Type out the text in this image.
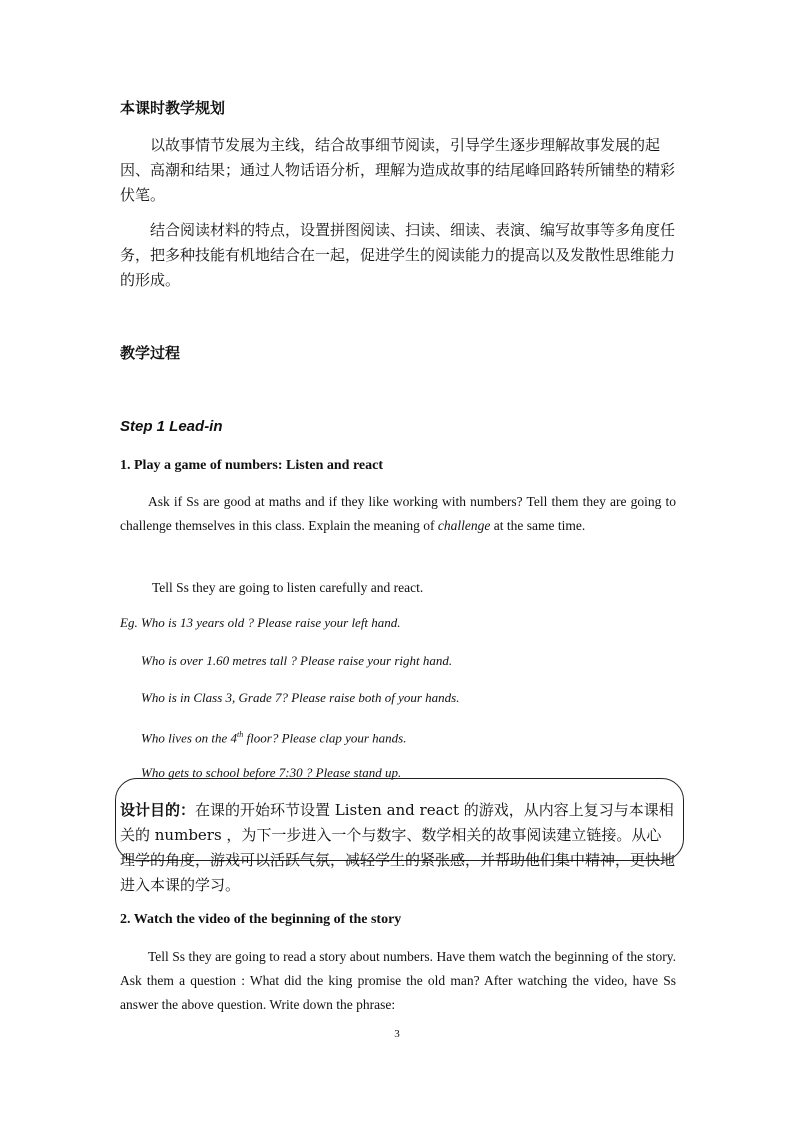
本课时教学规划

以故事情节发展为主线，结合故事细节阅读，引导学生逐步理解故事发展的起因、高潮和结果；通过人物话语分析，理解为造成故事的结尾峰回路转所铺垫的精彩伏笔。

结合阅读材料的特点，设置拼图阅读、扫读、细读、表演、编写故事等多角度任务，把多种技能有机地结合在一起，促进学生的阅读能力的提高以及发散性思维能力的形成。

教学过程

Step 1 Lead-in

1. Play a game of numbers: Listen and react

Ask if Ss are good at maths and if they like working with numbers? Tell them they are going to challenge themselves in this class. Explain the meaning of challenge at the same time.

Tell Ss they are going to listen carefully and react.

Eg. Who is 13 years old ? Please raise your left hand.

Who is over 1.60 metres tall ? Please raise your right hand.

Who is in Class 3, Grade 7? Please raise both of your hands.

Who lives on the 4th floor? Please clap your hands.

Who gets to school before 7:30 ? Please stand up.

设计目的：在课的开始环节设置 Listen and react 的游戏，从内容上复习与本课相关的 numbers ，为下一步进入一个与数字、数学相关的故事阅读建立链接。从心理学的角度，游戏可以活跃气氛，减轻学生的紧张感，并帮助他们集中精神，更快地进入本课的学习。

2. Watch the video of the beginning of the story

Tell Ss they are going to read a story about numbers. Have them watch the beginning of the story. Ask them a question : What did the king promise the old man? After watching the video, have Ss answer the above question. Write down the phrase:

3
